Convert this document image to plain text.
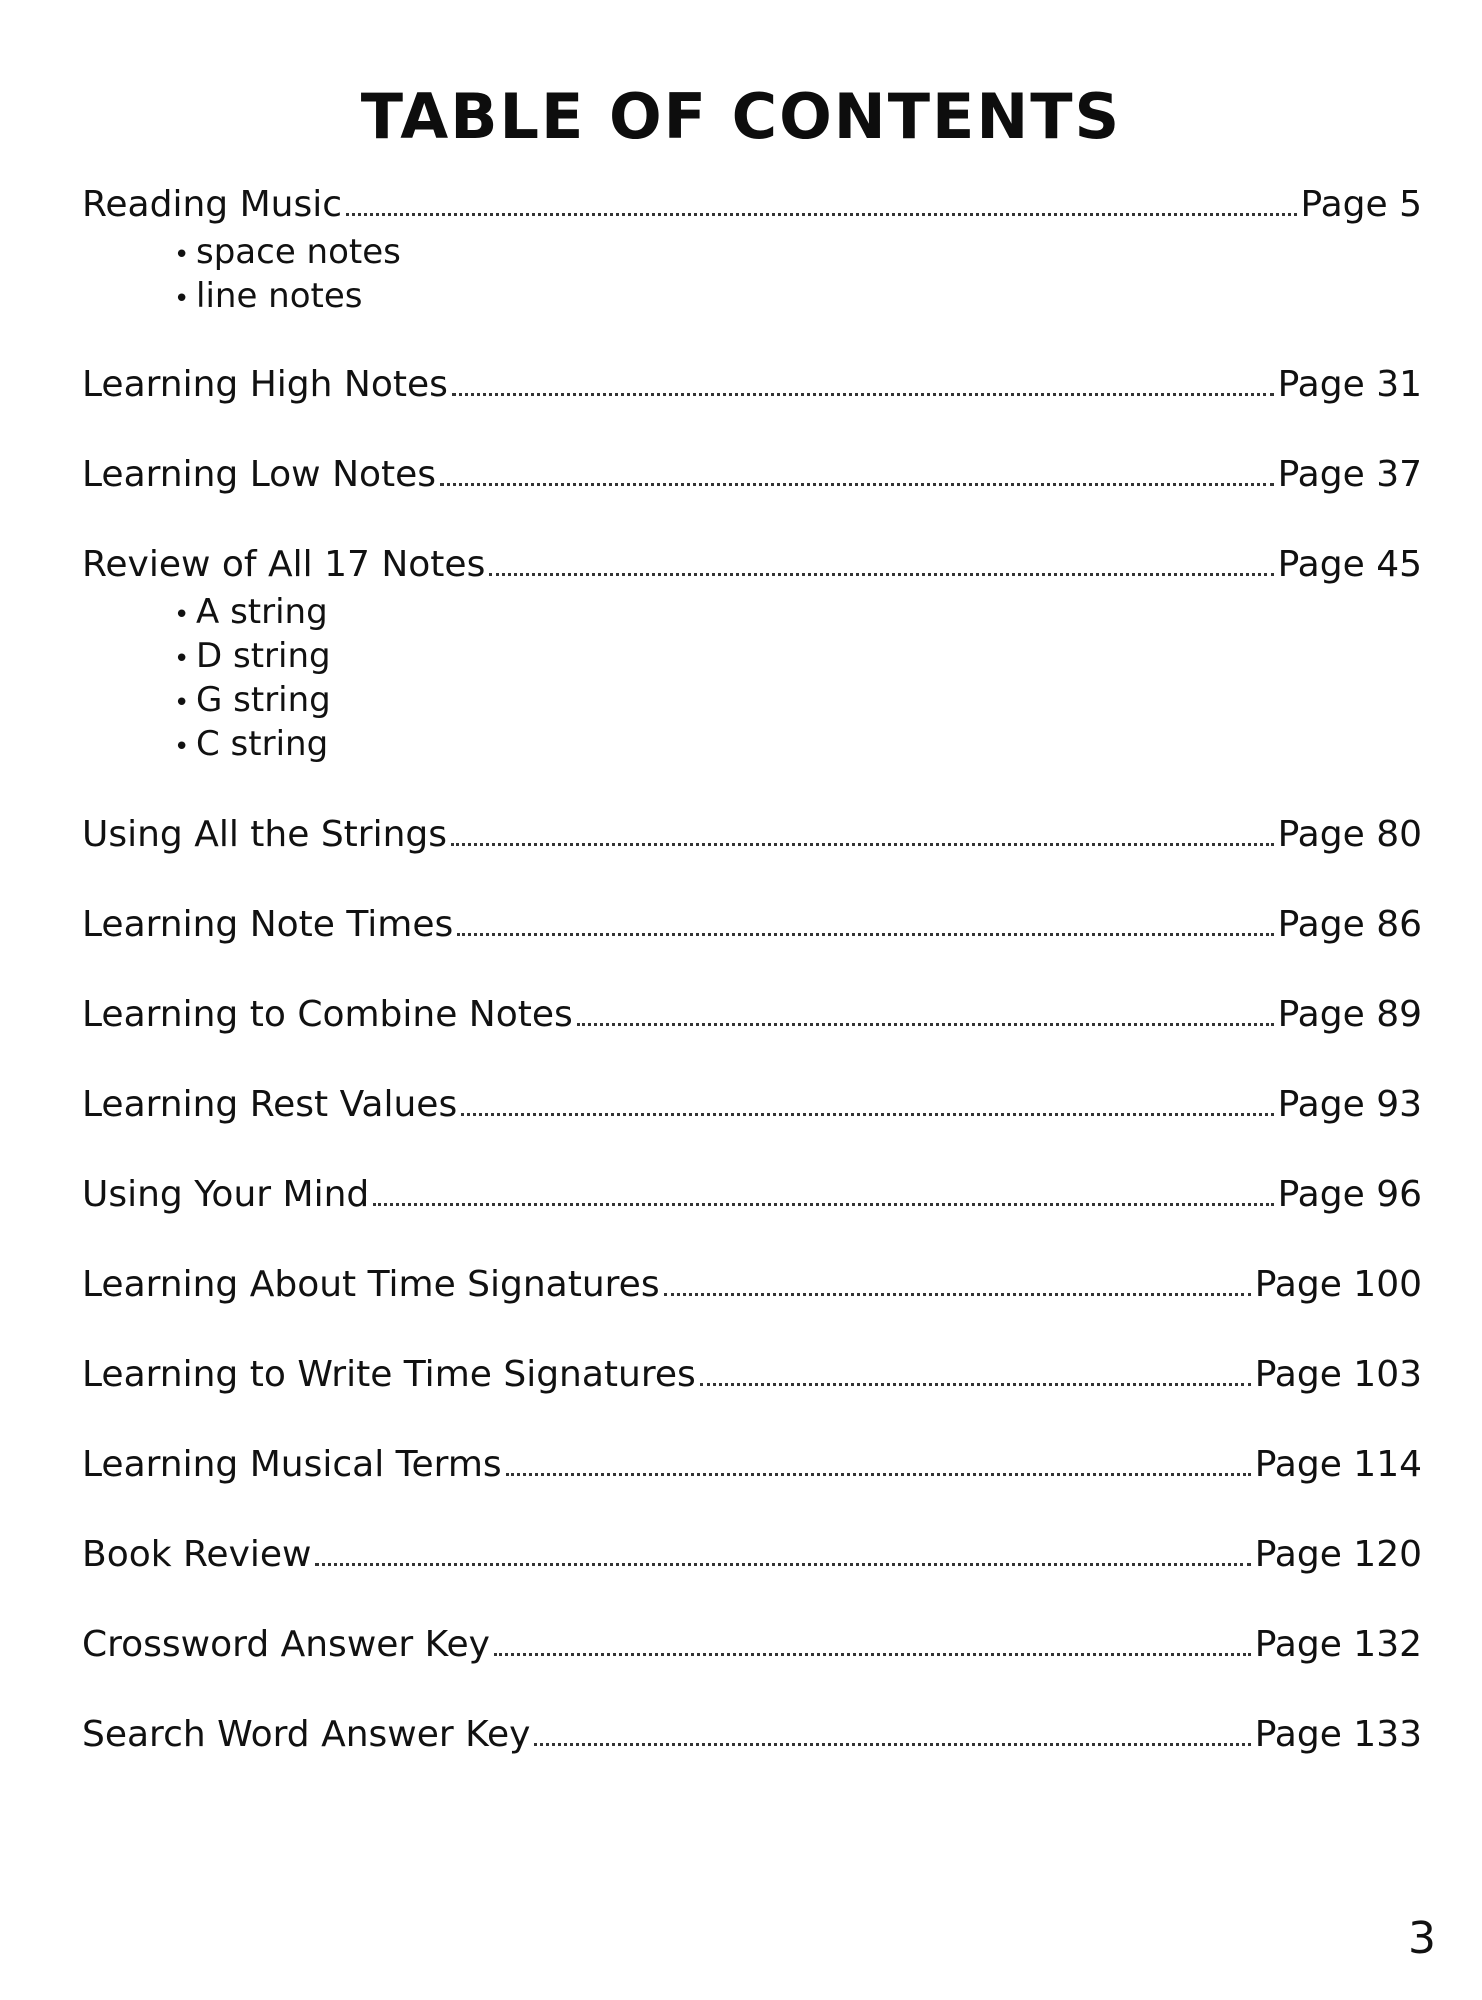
TABLE OF CONTENTS
Reading Music	Page 5
• space notes
• line notes
Learning High Notes	Page 31
Learning Low Notes	Page 37
Review of All 17 Notes	Page 45
• A string
• D string
• G string
• C string
Using All the Strings	Page 80
Learning Note Times	Page 86
Learning to Combine Notes	Page 89
Learning Rest Values	Page 93
Using Your Mind	Page 96
Learning About Time Signatures	Page 100
Learning to Write Time Signatures	Page 103
Learning Musical Terms	Page 114
Book Review	Page 120
Crossword Answer Key	Page 132
Search Word Answer Key	Page 133
3
